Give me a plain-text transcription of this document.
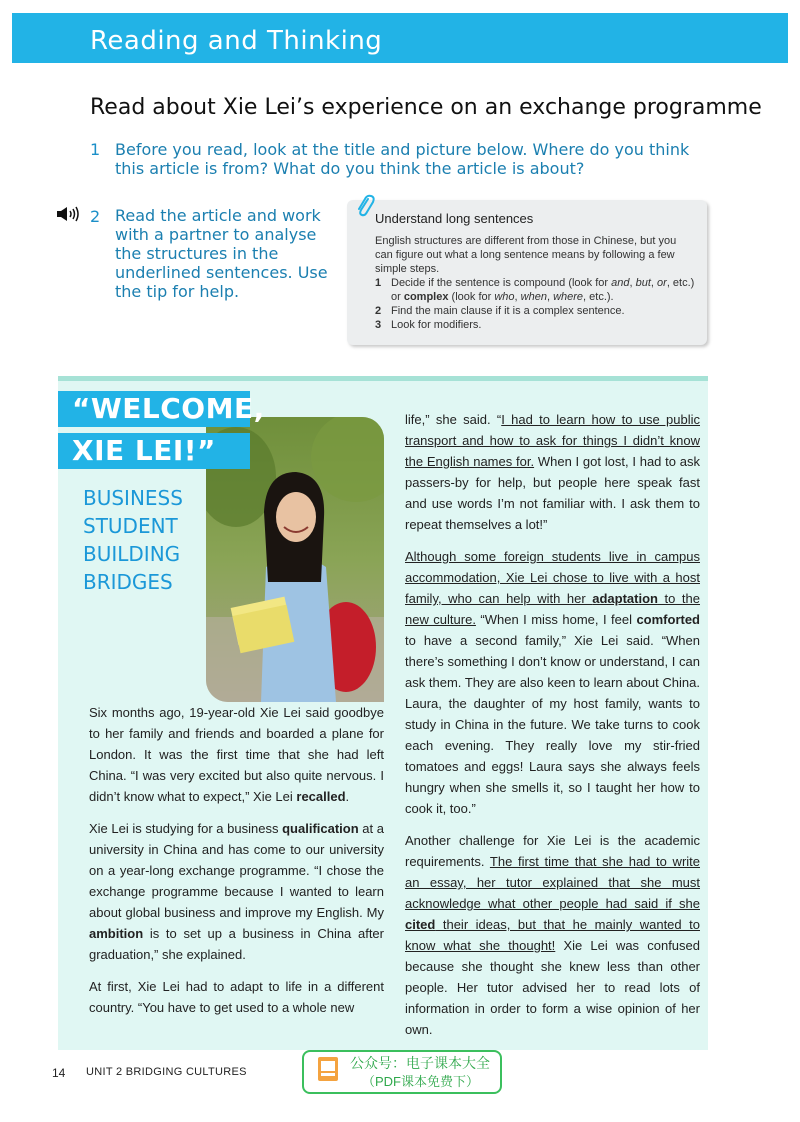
Reading and Thinking
Read about Xie Lei’s experience on an exchange programme
1 Before you read, look at the title and picture below. Where do you think this article is from? What do you think the article is about?
2 Read the article and work with a partner to analyse the structures in the underlined sentences. Use the tip for help.
Understand long sentences
English structures are different from those in Chinese, but you can figure out what a long sentence means by following a few simple steps.
1 Decide if the sentence is compound (look for and, but, or, etc.) or complex (look for who, when, where, etc.).
2 Find the main clause if it is a complex sentence.
3 Look for modifiers.
“WELCOME,
XIE LEI!”
BUSINESS
STUDENT
BUILDING
BRIDGES

Six months ago, 19-year-old Xie Lei said goodbye to her family and friends and boarded a plane for London. It was the first time that she had left China. “I was very excited but also quite nervous. I didn’t know what to expect,” Xie Lei recalled.

Xie Lei is studying for a business qualification at a university in China and has come to our university on a year-long exchange programme. “I chose the exchange programme because I wanted to learn about global business and improve my English. My ambition is to set up a business in China after graduation,” she explained.

At first, Xie Lei had to adapt to life in a different country. “You have to get used to a whole new

life,” she said. “I had to learn how to use public transport and how to ask for things I didn’t know the English names for. When I got lost, I had to ask passers-by for help, but people here speak fast and use words I’m not familiar with. I ask them to repeat themselves a lot!”

Although some foreign students live in campus accommodation, Xie Lei chose to live with a host family, who can help with her adaptation to the new culture. “When I miss home, I feel comforted to have a second family,” Xie Lei said. “When there’s something I don’t know or understand, I can ask them. They are also keen to learn about China. Laura, the daughter of my host family, wants to study in China in the future. We take turns to cook each evening. They really love my stir-fried tomatoes and eggs! Laura says she always feels hungry when she smells it, so I taught her how to cook it, too.”

Another challenge for Xie Lei is the academic requirements. The first time that she had to write an essay, her tutor explained that she must acknowledge what other people had said if she cited their ideas, but that he mainly wanted to know what she thought! Xie Lei was confused because she thought she knew less than other people. Her tutor advised her to read lots of information in order to form a wise opinion of her own.

14 UNIT 2 BRIDGING CULTURES
公众号：电子课本大全
（PDF课本免费下）
